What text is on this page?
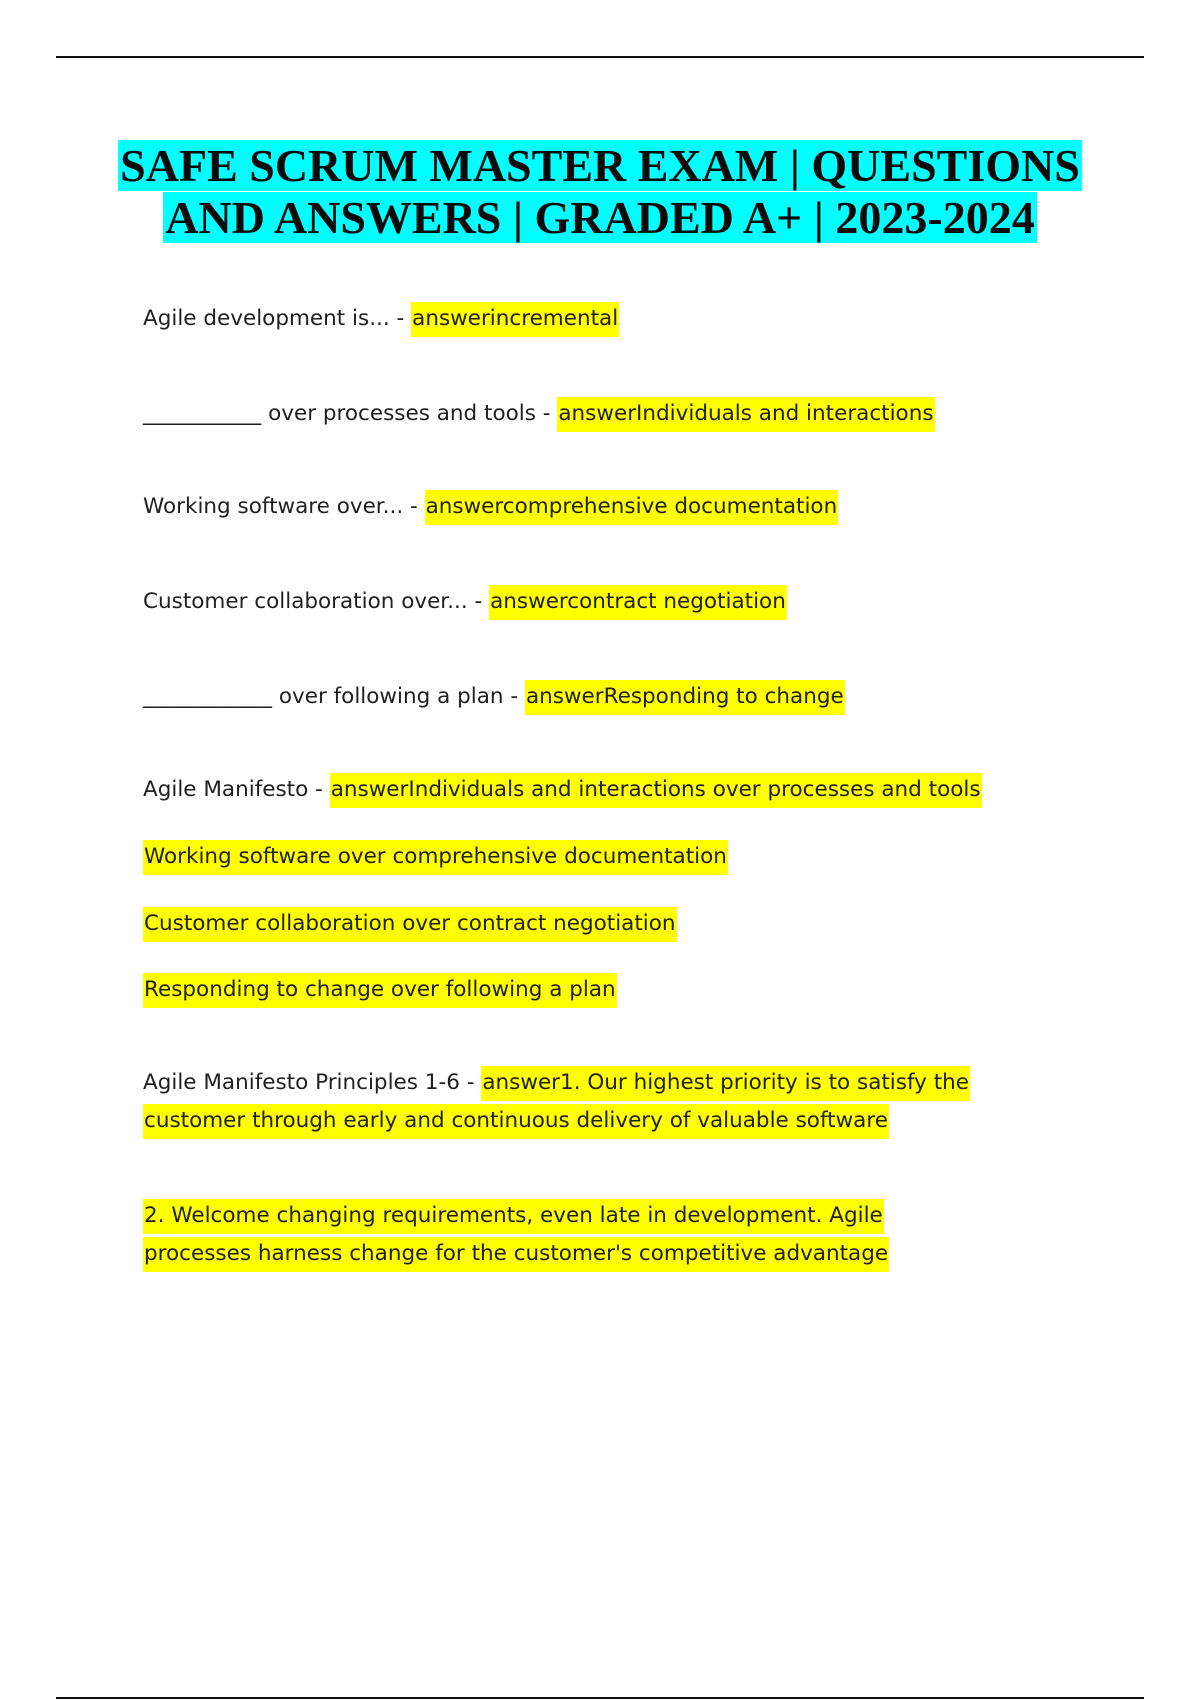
SAFE SCRUM MASTER EXAM | QUESTIONS AND ANSWERS | GRADED A+ | 2023-2024

Agile development is... - answerincremental

___________ over processes and tools - answerIndividuals and interactions

Working software over... - answercomprehensive documentation

Customer collaboration over... - answercontract negotiation

____________ over following a plan - answerResponding to change

Agile Manifesto - answerIndividuals and interactions over processes and tools

Working software over comprehensive documentation

Customer collaboration over contract negotiation

Responding to change over following a plan

Agile Manifesto Principles 1-6 - answer1. Our highest priority is to satisfy the customer through early and continuous delivery of valuable software

2. Welcome changing requirements, even late in development. Agile processes harness change for the customer's competitive advantage
